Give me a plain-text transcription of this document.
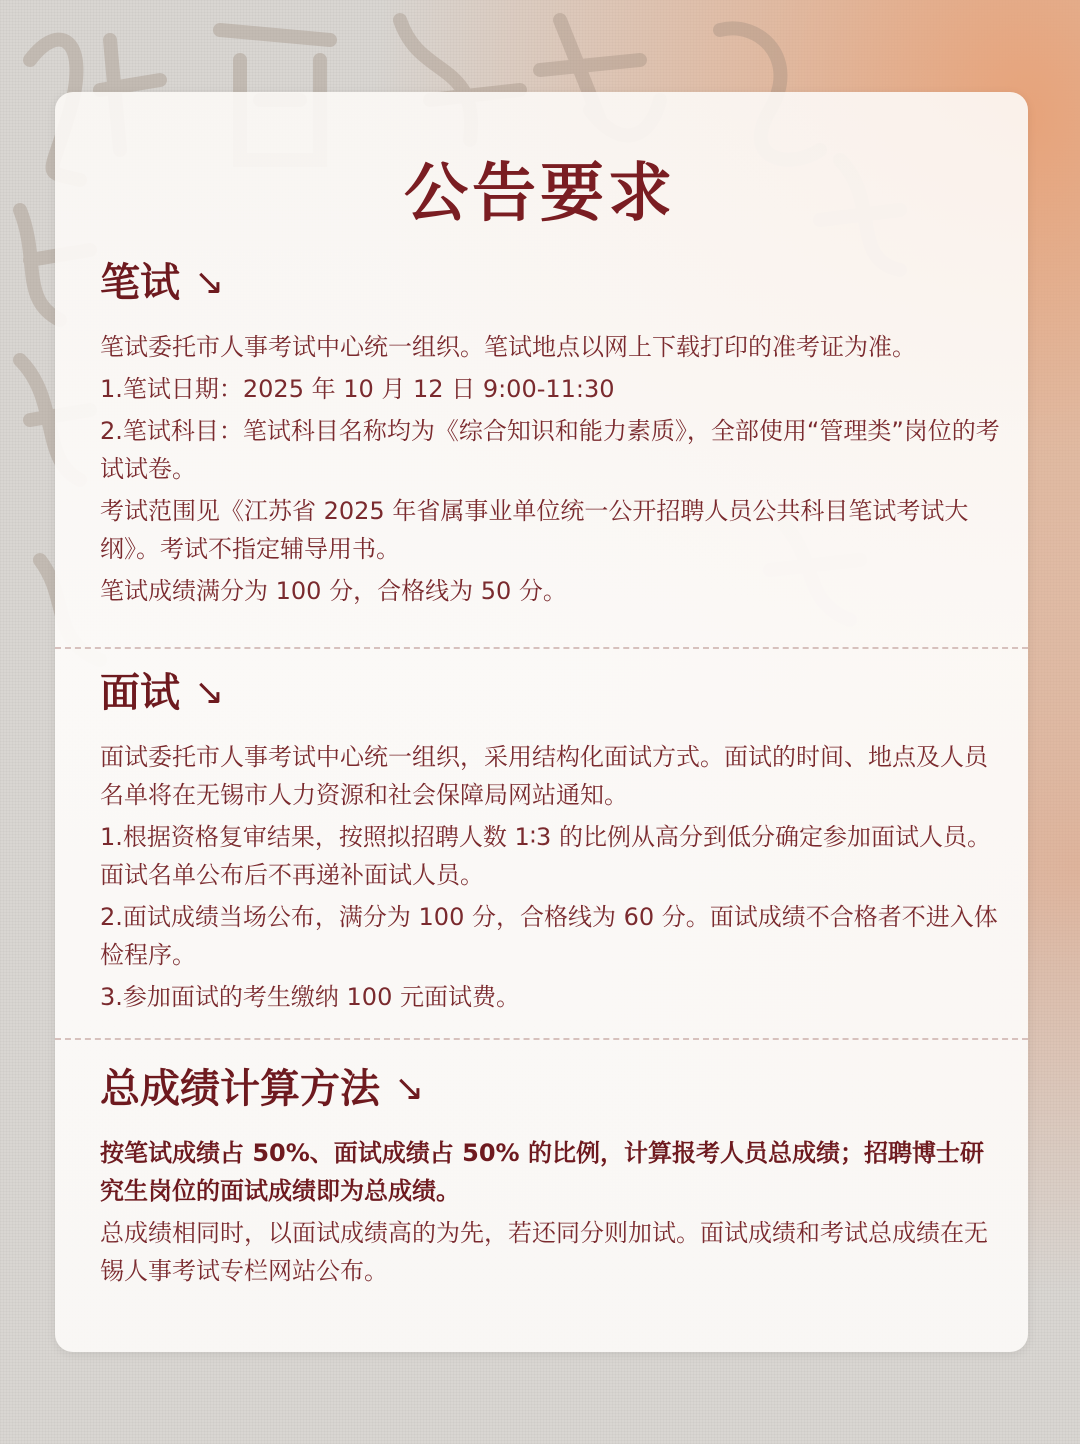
公告要求
笔试 ↘

笔试委托市人事考试中心统一组织。笔试地点以网上下载打印的准考证为准。

1.笔试日期：2025 年 10 月 12 日 9:00-11:30

2.笔试科目：笔试科目名称均为《综合知识和能力素质》，全部使用“管理类”岗位的考试试卷。

考试范围见《江苏省 2025 年省属事业单位统一公开招聘人员公共科目笔试考试大纲》。考试不指定辅导用书。

笔试成绩满分为 100 分，合格线为 50 分。

面试 ↘

面试委托市人事考试中心统一组织，采用结构化面试方式。面试的时间、地点及人员名单将在无锡市人力资源和社会保障局网站通知。

1.根据资格复审结果，按照拟招聘人数 1∶3 的比例从高分到低分确定参加面试人员。面试名单公布后不再递补面试人员。

2.面试成绩当场公布，满分为 100 分，合格线为 60 分。面试成绩不合格者不进入体检程序。

3.参加面试的考生缴纳 100 元面试费。

总成绩计算方法 ↘

按笔试成绩占 50%、面试成绩占 50% 的比例，计算报考人员总成绩；招聘博士研究生岗位的面试成绩即为总成绩。

总成绩相同时，以面试成绩高的为先，若还同分则加试。面试成绩和考试总成绩在无锡人事考试专栏网站公布。
